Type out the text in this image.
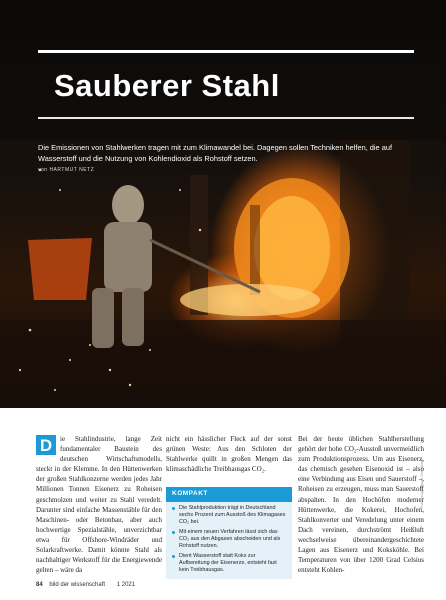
Sauberer Stahl
Die Emissionen von Stahlwerken tragen mit zum Klimawandel bei. Dagegen sollen Techniken helfen, die auf Wasserstoff und die Nutzung von Kohlendioxid als Rohstoff setzen.
von HARTMUT NETZ
Foto: Imago/Rupert Oberhäuser
D	ie Stahlindustrie, lange Zeit fundamentaler Baustein des deutschen Wirtschaftsmodells, steckt in der Klemme. In den Hüttenwerken der großen Stahlkonzerne werden jedes Jahr Millionen Tonnen Eisenerz zu Roheisen geschmolzen und weiter zu Stahl veredelt. Darunter sind einfache Massenstähle für den Maschinen- oder Betonbau, aber auch hochwertige Spezialstähle, unverzichtbar etwa für Offshore-Windräder und Solarkraftwerke. Damit könnte Stahl als nachhaltiger Werkstoff für die Energiewende gelten – wäre da
nicht ein hässlicher Fleck auf der sonst grünen Weste: Aus den Schloten der Stahlwerke quillt in großen Mengen das klimaschädliche Treibhausgas CO₂.
KOMPAKT
Die Stahlproduktion trägt in Deutschland sechs Prozent zum Ausstoß des Klimagases CO₂ bei.
Mit einem neuen Verfahren lässt sich das CO₂ aus den Abgasen abscheiden und als Rohstoff nutzen.
Dient Wasserstoff statt Koks zur Aufbereitung der Eisenerze, entsteht fast kein Treibhausgas.
Bei der heute üblichen Stahlherstellung gehört der hohe CO₂-Ausstoß unvermeidlich zum Produktionsprozess. Um aus Eisenerz, das chemisch gesehen Eisenoxid ist – also eine Verbindung aus Eisen und Sauerstoff –, Roheisen zu erzeugen, muss man Sauerstoff abspalten. In den Hochöfen moderner Hüttenwerke, die Kokerei, Hochofen, Stahlkonverter und Veredelung unter einem Dach vereinen, durchströmt Heißluft wechselweise übereinandergeschichtete Lagen aus Eisenerz und Koksköhle. Bei Temperaturen von über 1200 Grad Celsius entsteht Kohlen-
84 bild der wissenschaft 1 2021
